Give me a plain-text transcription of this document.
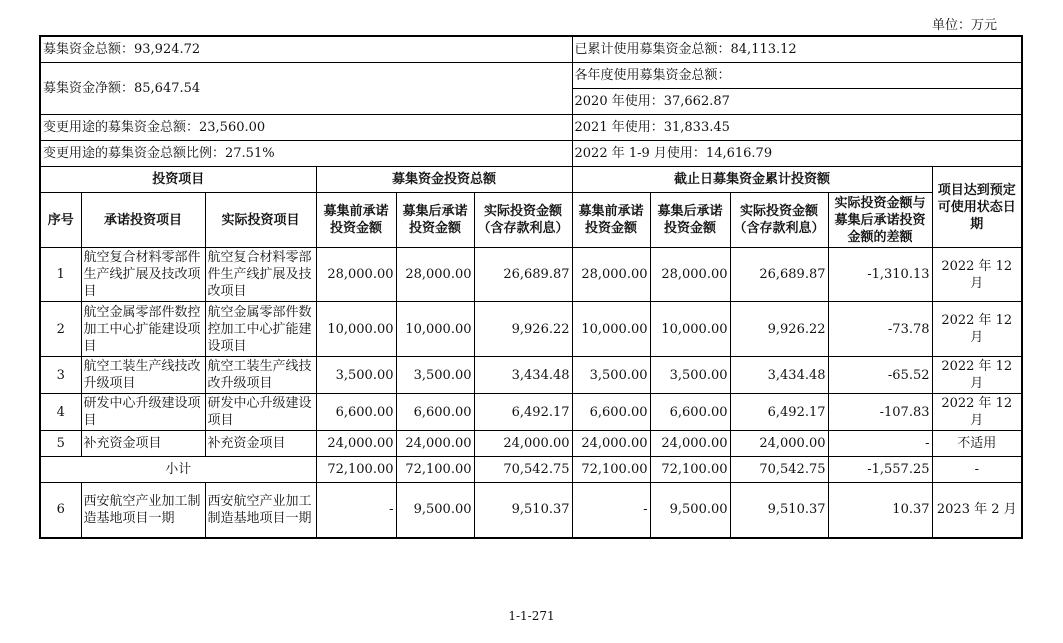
单位：万元
募集资金总额：93,924.72						已累计使用募集资金总额：84,113.12				
募集资金净额：85,647.54						各年度使用募集资金总额：				
						2020 年使用：37,662.87				
变更用途的募集资金总额：23,560.00						2021 年使用：31,833.45				
变更用途的募集资金总额比例：27.51%						2022 年 1-9 月使用：14,616.79				
投资项目			募集资金投资总额			截止日募集资金累计投资额				项目达到预定可使用状态日期
序号	承诺投资项目	实际投资项目	募集前承诺投资金额	募集后承诺投资金额	实际投资金额（含存款利息）	募集前承诺投资金额	募集后承诺投资金额	实际投资金额（含存款利息）	实际投资金额与募集后承诺投资金额的差额	
1	航空复合材料零部件生产线扩展及技改项目	航空复合材料零部件生产线扩展及技改项目	28,000.00	28,000.00	26,689.87	28,000.00	28,000.00	26,689.87	-1,310.13	2022 年 12 月
2	航空金属零部件数控加工中心扩能建设项目	航空金属零部件数控加工中心扩能建设项目	10,000.00	10,000.00	9,926.22	10,000.00	10,000.00	9,926.22	-73.78	2022 年 12 月
3	航空工装生产线技改升级项目	航空工装生产线技改升级项目	3,500.00	3,500.00	3,434.48	3,500.00	3,500.00	3,434.48	-65.52	2022 年 12 月
4	研发中心升级建设项目	研发中心升级建设项目	6,600.00	6,600.00	6,492.17	6,600.00	6,600.00	6,492.17	-107.83	2022 年 12 月
5	补充资金项目	补充资金项目	24,000.00	24,000.00	24,000.00	24,000.00	24,000.00	24,000.00	-	不适用
小计			72,100.00	72,100.00	70,542.75	72,100.00	72,100.00	70,542.75	-1,557.25	-
6	西安航空产业加工制造基地项目一期	西安航空产业加工制造基地项目一期	-	9,500.00	9,510.37	-	9,500.00	9,510.37	10.37	2023 年 2 月
1-1-271
